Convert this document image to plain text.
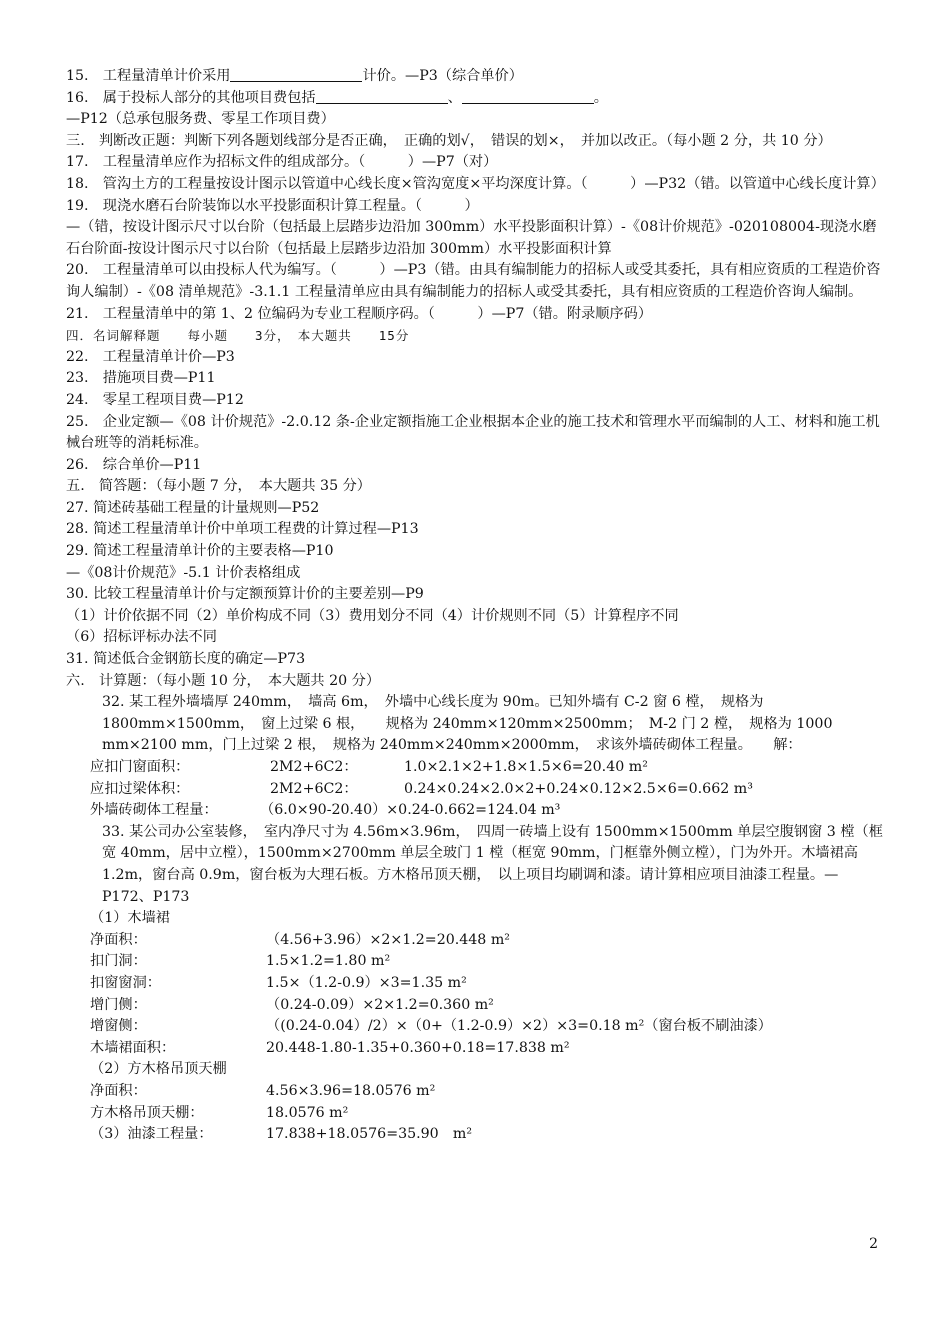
15.　工程量清单计价采用	计价。—P3（综合单价）
16.　属于投标人部分的其他项目费包括	、	。
—P12（总承包服务费、零星工作项目费）
三.　判断改正题：判断下列各题划线部分是否正确，　正确的划√，　错误的划×，　并加以改正。（每小题 2 分，共 10 分）
17.　工程量清单应作为招标文件的组成部分。（　　　）—P7（对）
18.　管沟土方的工程量按设计图示以管道中心线长度×管沟宽度×平均深度计算。（　　　）—P32（错。以管道中心线长度计算）
19.　现浇水磨石台阶装饰以水平投影面积计算工程量。（　　　）
—（错，按设计图示尺寸以台阶（包括最上层踏步边沿加 300mm）水平投影面积计算）-《08计价规范》-020108004-现浇水磨石台阶面-按设计图示尺寸以台阶（包括最上层踏步边沿加 300mm）水平投影面积计算
20.　工程量清单可以由投标人代为编写。（　　　）—P3（错。由具有编制能力的招标人或受其委托，具有相应资质的工程造价咨询人编制）-《08 清单规范》-3.1.1 工程量清单应由具有编制能力的招标人或受其委托，具有相应资质的工程造价咨询人编制。
21.　工程量清单中的第 1、2 位编码为专业工程顺序码。（　　　）—P7（错。附录顺序码）
四．名词解释题　　每小题　　3分，　本大题共　　15分
22.　工程量清单计价—P3
23.　措施项目费—P11
24.　零星工程项目费—P12
25.　企业定额—《08 计价规范》-2.0.12 条-企业定额指施工企业根据本企业的施工技术和管理水平而编制的人工、材料和施工机械台班等的消耗标准。
26.　综合单价—P11
五.　简答题：（每小题 7 分，　本大题共 35 分）
27. 简述砖基础工程量的计量规则—P52
28. 简述工程量清单计价中单项工程费的计算过程—P13
29. 简述工程量清单计价的主要表格—P10
—《08计价规范》-5.1 计价表格组成
30. 比较工程量清单计价与定额预算计价的主要差别—P9
（1）计价依据不同（2）单价构成不同（3）费用划分不同（4）计价规则不同（5）计算程序不同
（6）招标评标办法不同
31. 简述低合金钢筋长度的确定—P73
六.　计算题：（每小题 10 分，　本大题共 20 分）
32. 某工程外墙墙厚 240mm，　墙高 6m，　外墙中心线长度为 90m。已知外墙有 C-2 窗 6 樘，　规格为 1800mm×1500mm，　窗上过梁 6 根，　　规格为 240mm×120mm×2500mm；　M-2 门 2 樘，　规格为 1000 mm×2100 mm，门上过梁 2 根，　规格为 240mm×240mm×2000mm，　求该外墙砖砌体工程量。　　解：
应扣门窗面积：	2M2+6C2：	1.0×2.1×2+1.8×1.5×6=20.40 m²
应扣过梁体积：	2M2+6C2：	0.24×0.24×2.0×2+0.24×0.12×2.5×6=0.662 m³
外墙砖砌体工程量：	（6.0×90-20.40）×0.24-0.662=124.04 m³
33. 某公司办公室装修，　室内净尺寸为 4.56m×3.96m，　四周一砖墙上设有 1500mm×1500mm 单层空腹钢窗 3 樘（框宽 40mm，居中立樘），1500mm×2700mm 单层全玻门 1 樘（框宽 90mm，门框靠外侧立樘），门为外开。木墙裙高 1.2m，窗台高 0.9m，窗台板为大理石板。方木格吊顶天棚，　以上项目均刷调和漆。请计算相应项目油漆工程量。—P172、P173
（1）木墙裙
净面积：	（4.56+3.96）×2×1.2=20.448 m²
扣门洞：	1.5×1.2=1.80 m²
扣窗窗洞：	1.5×（1.2-0.9）×3=1.35 m²
增门侧：	（0.24-0.09）×2×1.2=0.360 m²
增窗侧：	（(0.24-0.04）/2）×（0+（1.2-0.9）×2）×3=0.18 m²（窗台板不刷油漆）
木墙裙面积：	20.448-1.80-1.35+0.360+0.18=17.838 m²
（2）方木格吊顶天棚
净面积：	4.56×3.96=18.0576 m²
方木格吊顶天棚：	18.0576 m²
（3）油漆工程量：	17.838+18.0576=35.90　m²
2
